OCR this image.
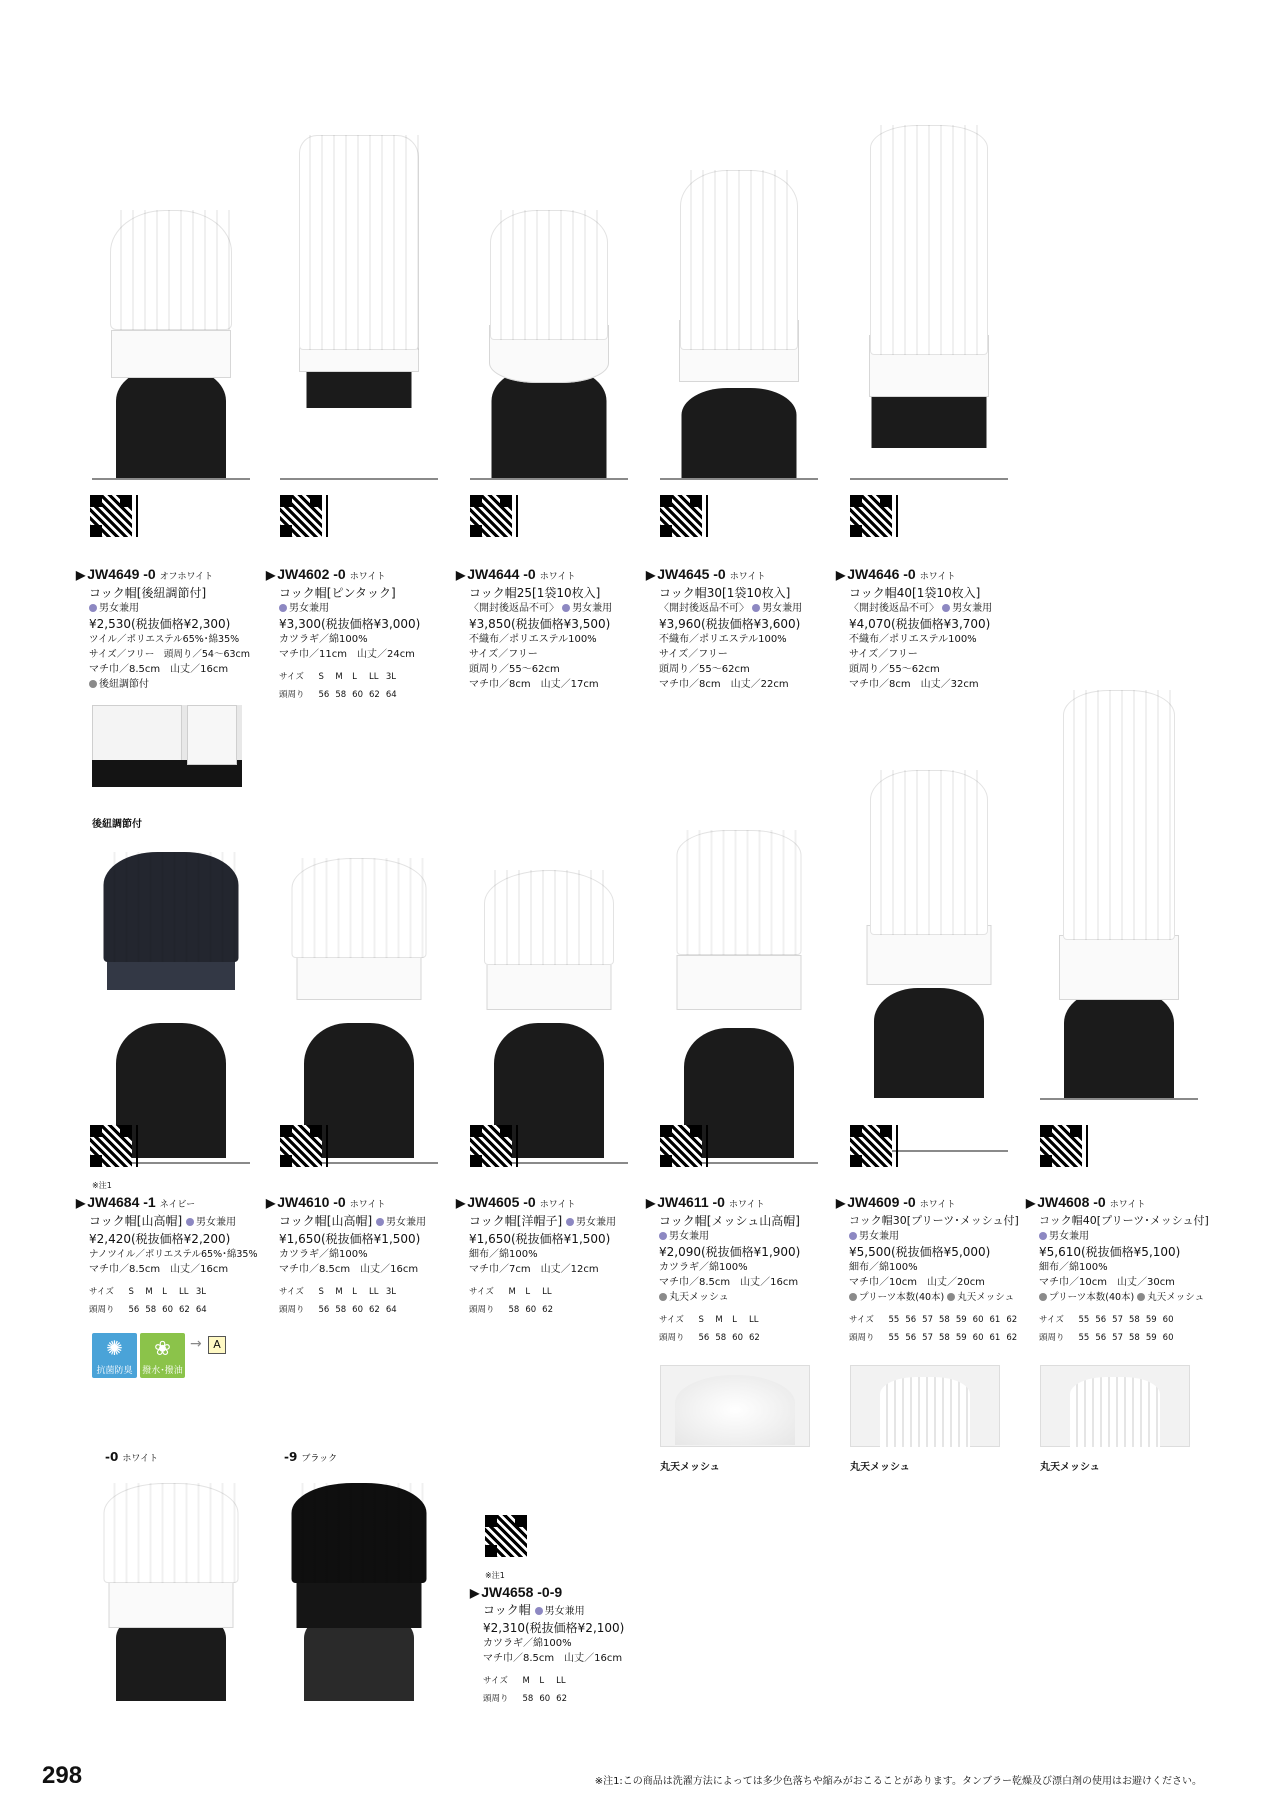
▶ JW4649 -0 オフホワイト
コック帽[後紐調節付]
男女兼用
¥2,530(税抜価格¥2,300)
ツイル／ポリエステル65%･綿35%
サイズ／フリー　頭周り／54〜63cm
マチ巾／8.5cm　山丈／16cm
後紐調節付
後紐調節付
▶ JW4602 -0 ホワイト
コック帽[ピンタック]
男女兼用
¥3,300(税抜価格¥3,000)
カツラギ／綿100%
マチ巾／11cm　山丈／24cm
サイズ	S	M	L	LL	3L
頭周り	56	58	60	62	64
▶ JW4644 -0 ホワイト
コック帽25[1袋10枚入]
〈開封後返品不可〉 男女兼用
¥3,850(税抜価格¥3,500)
不織布／ポリエステル100%
サイズ／フリー
頭周り／55〜62cm
マチ巾／8cm　山丈／17cm
▶ JW4645 -0 ホワイト
コック帽30[1袋10枚入]
〈開封後返品不可〉 男女兼用
¥3,960(税抜価格¥3,600)
不織布／ポリエステル100%
サイズ／フリー
頭周り／55〜62cm
マチ巾／8cm　山丈／22cm
▶ JW4646 -0 ホワイト
コック帽40[1袋10枚入]
〈開封後返品不可〉 男女兼用
¥4,070(税抜価格¥3,700)
不織布／ポリエステル100%
サイズ／フリー
頭周り／55〜62cm
マチ巾／8cm　山丈／32cm
※注1
▶ JW4684 -1 ネイビー
コック帽[山高帽] 男女兼用
¥2,420(税抜価格¥2,200)
ナノツイル／ポリエステル65%･綿35%
マチ巾／8.5cm　山丈／16cm
サイズ	S	M	L	LL	3L
頭周り	56	58	60	62	64
✺
抗菌防臭
❀
撥水･撥油
→	A
▶ JW4610 -0 ホワイト
コック帽[山高帽] 男女兼用
¥1,650(税抜価格¥1,500)
カツラギ／綿100%
マチ巾／8.5cm　山丈／16cm
サイズ	S	M	L	LL	3L
頭周り	56	58	60	62	64
▶ JW4605 -0 ホワイト
コック帽[洋帽子] 男女兼用
¥1,650(税抜価格¥1,500)
細布／綿100%
マチ巾／7cm　山丈／12cm
サイズ	M	L	LL
頭周り	58	60	62
▶ JW4611 -0 ホワイト
コック帽[メッシュ山高帽]
男女兼用
¥2,090(税抜価格¥1,900)
カツラギ／綿100%
マチ巾／8.5cm　山丈／16cm
丸天メッシュ
サイズ	S	M	L	LL
頭周り	56	58	60	62
▶ JW4609 -0 ホワイト
コック帽30[プリーツ･メッシュ付]
男女兼用
¥5,500(税抜価格¥5,000)
細布／綿100%
マチ巾／10cm　山丈／20cm
プリーツ本数(40本) 丸天メッシュ
サイズ	55	56	57	58	59	60	61	62
頭周り	55	56	57	58	59	60	61	62
▶ JW4608 -0 ホワイト
コック帽40[プリーツ･メッシュ付]
男女兼用
¥5,610(税抜価格¥5,100)
細布／綿100%
マチ巾／10cm　山丈／30cm
プリーツ本数(40本) 丸天メッシュ
サイズ	55	56	57	58	59	60
頭周り	55	56	57	58	59	60
丸天メッシュ	丸天メッシュ	丸天メッシュ
-0 ホワイト	-9 ブラック
※注1
▶ JW4658 -0-9
コック帽 男女兼用
¥2,310(税抜価格¥2,100)
カツラギ／綿100%
マチ巾／8.5cm　山丈／16cm
サイズ	M	L	LL
頭周り	58	60	62
298	※注1:この商品は洗濯方法によっては多少色落ちや縮みがおこることがあります。タンブラー乾燥及び漂白剤の使用はお避けください。
